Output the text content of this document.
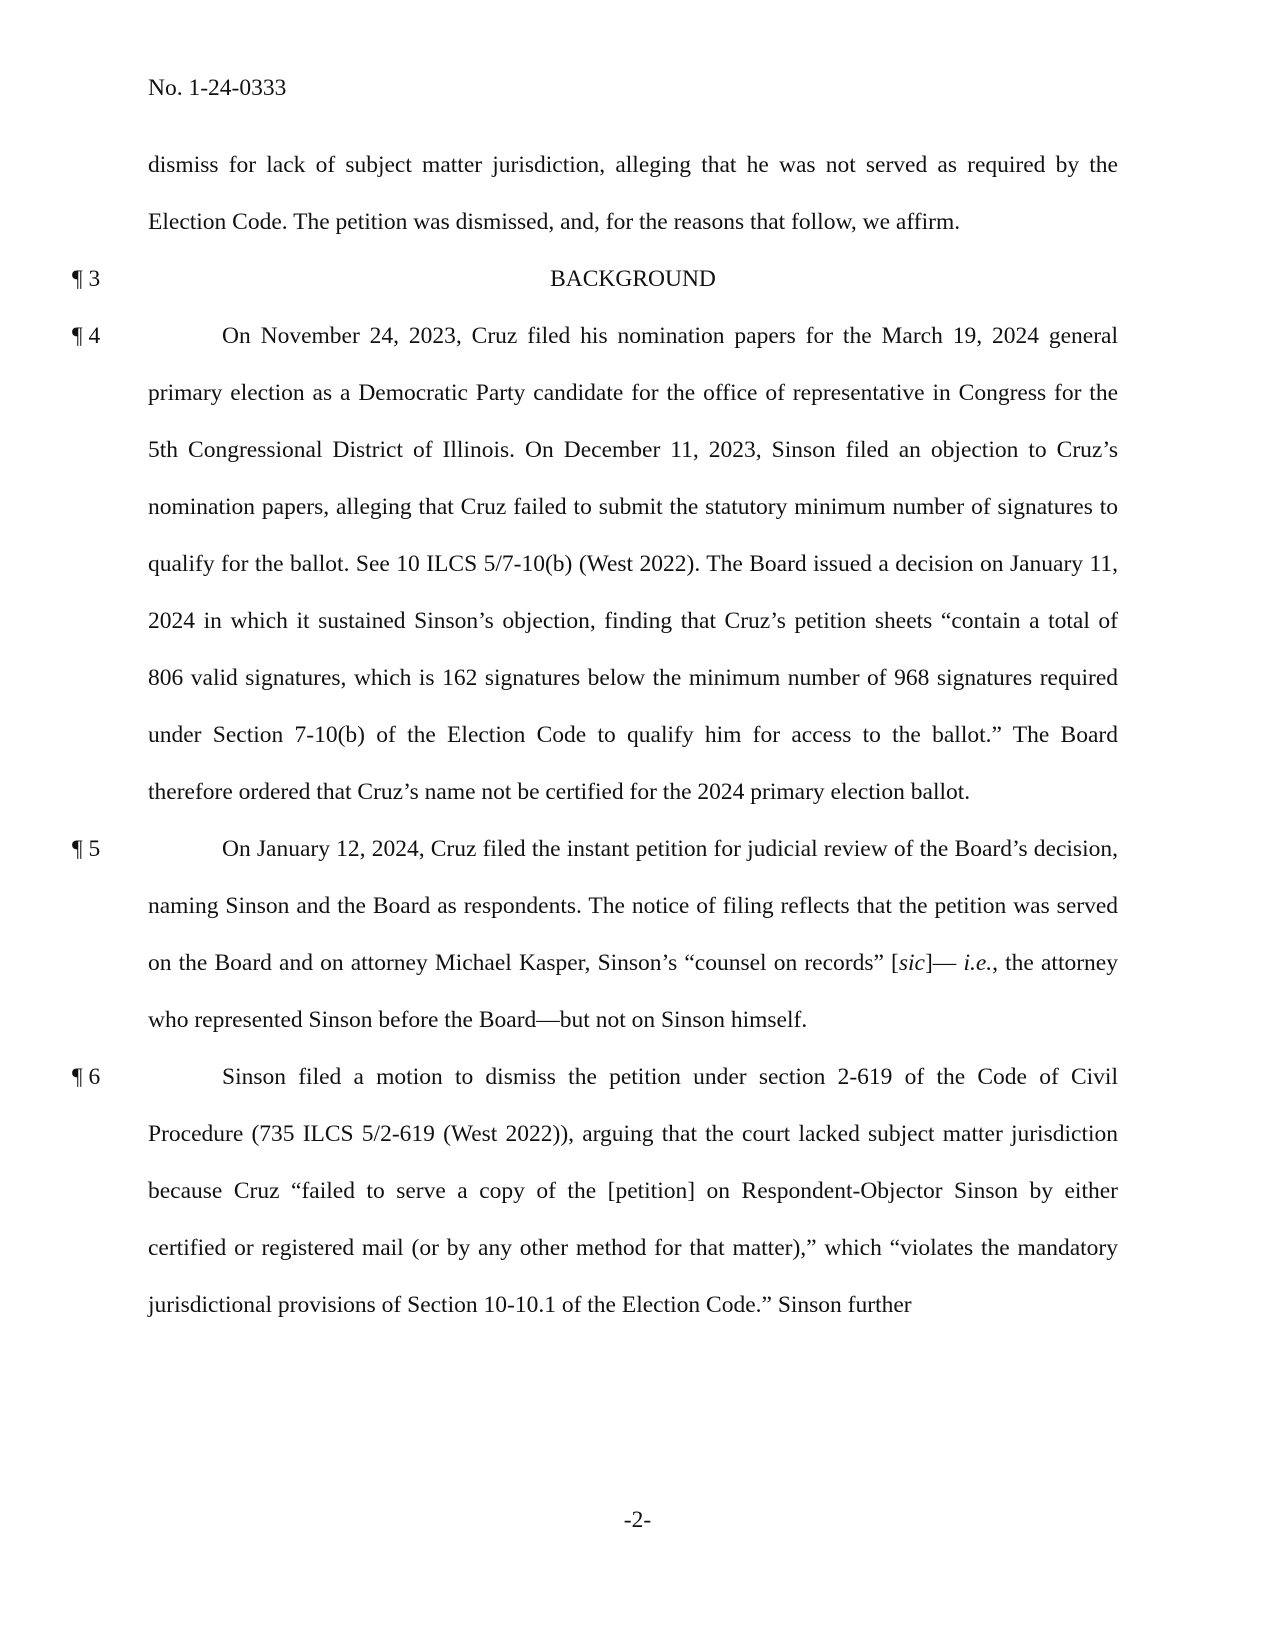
No. 1-24-0333

dismiss for lack of subject matter jurisdiction, alleging that he was not served as required by the Election Code. The petition was dismissed, and, for the reasons that follow, we affirm.

¶ 3	BACKGROUND

¶ 4	On November 24, 2023, Cruz filed his nomination papers for the March 19, 2024 general primary election as a Democratic Party candidate for the office of representative in Congress for the 5th Congressional District of Illinois. On December 11, 2023, Sinson filed an objection to Cruz’s nomination papers, alleging that Cruz failed to submit the statutory minimum number of signatures to qualify for the ballot. See 10 ILCS 5/7-10(b) (West 2022). The Board issued a decision on January 11, 2024 in which it sustained Sinson’s objection, finding that Cruz’s petition sheets “contain a total of 806 valid signatures, which is 162 signatures below the minimum number of 968 signatures required under Section 7-10(b) of the Election Code to qualify him for access to the ballot.” The Board therefore ordered that Cruz’s name not be certified for the 2024 primary election ballot.

¶ 5	On January 12, 2024, Cruz filed the instant petition for judicial review of the Board’s decision, naming Sinson and the Board as respondents. The notice of filing reflects that the petition was served on the Board and on attorney Michael Kasper, Sinson’s “counsel on records” [sic]— i.e., the attorney who represented Sinson before the Board—but not on Sinson himself.

¶ 6	Sinson filed a motion to dismiss the petition under section 2-619 of the Code of Civil Procedure (735 ILCS 5/2-619 (West 2022)), arguing that the court lacked subject matter jurisdiction because Cruz “failed to serve a copy of the [petition] on Respondent-Objector Sinson by either certified or registered mail (or by any other method for that matter),” which “violates the mandatory jurisdictional provisions of Section 10-10.1 of the Election Code.” Sinson further

-2-
